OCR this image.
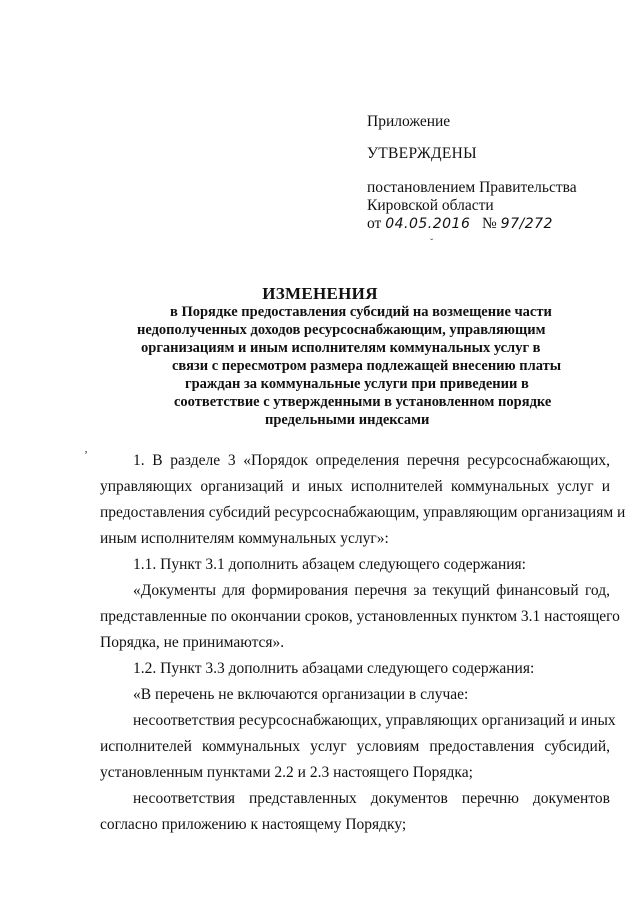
Приложение
УТВЕРЖДЕНЫ
постановлением Правительства
Кировской области
от 04.05.2016 № 97/272
ˇ
ИЗМЕНЕНИЯ
в Порядке предоставления субсидий на возмещение части
недополученных доходов ресурсоснабжающим, управляющим
организациям и иным исполнителям коммунальных услуг в
связи с пересмотром размера подлежащей внесению платы
граждан за коммунальные услуги при приведении в
соответствие с утвержденными в установленном порядке
предельными индексами
‚
1. В разделе 3 «Порядок определения перечня ресурсоснабжающих,
управляющих организаций и иных исполнителей коммунальных услуг и
предоставления субсидий ресурсоснабжающим, управляющим организациям и
иным исполнителям коммунальных услуг»:
1.1. Пункт 3.1 дополнить абзацем следующего содержания:
«Документы для формирования перечня за текущий финансовый год,
представленные по окончании сроков, установленных пунктом 3.1 настоящего
Порядка, не принимаются».
1.2. Пункт 3.3 дополнить абзацами следующего содержания:
«В перечень не включаются организации в случае:
несоответствия ресурсоснабжающих, управляющих организаций и иных
исполнителей коммунальных услуг условиям предоставления субсидий,
установленным пунктами 2.2 и 2.3 настоящего Порядка;
несоответствия представленных документов перечню документов
согласно приложению к настоящему Порядку;
